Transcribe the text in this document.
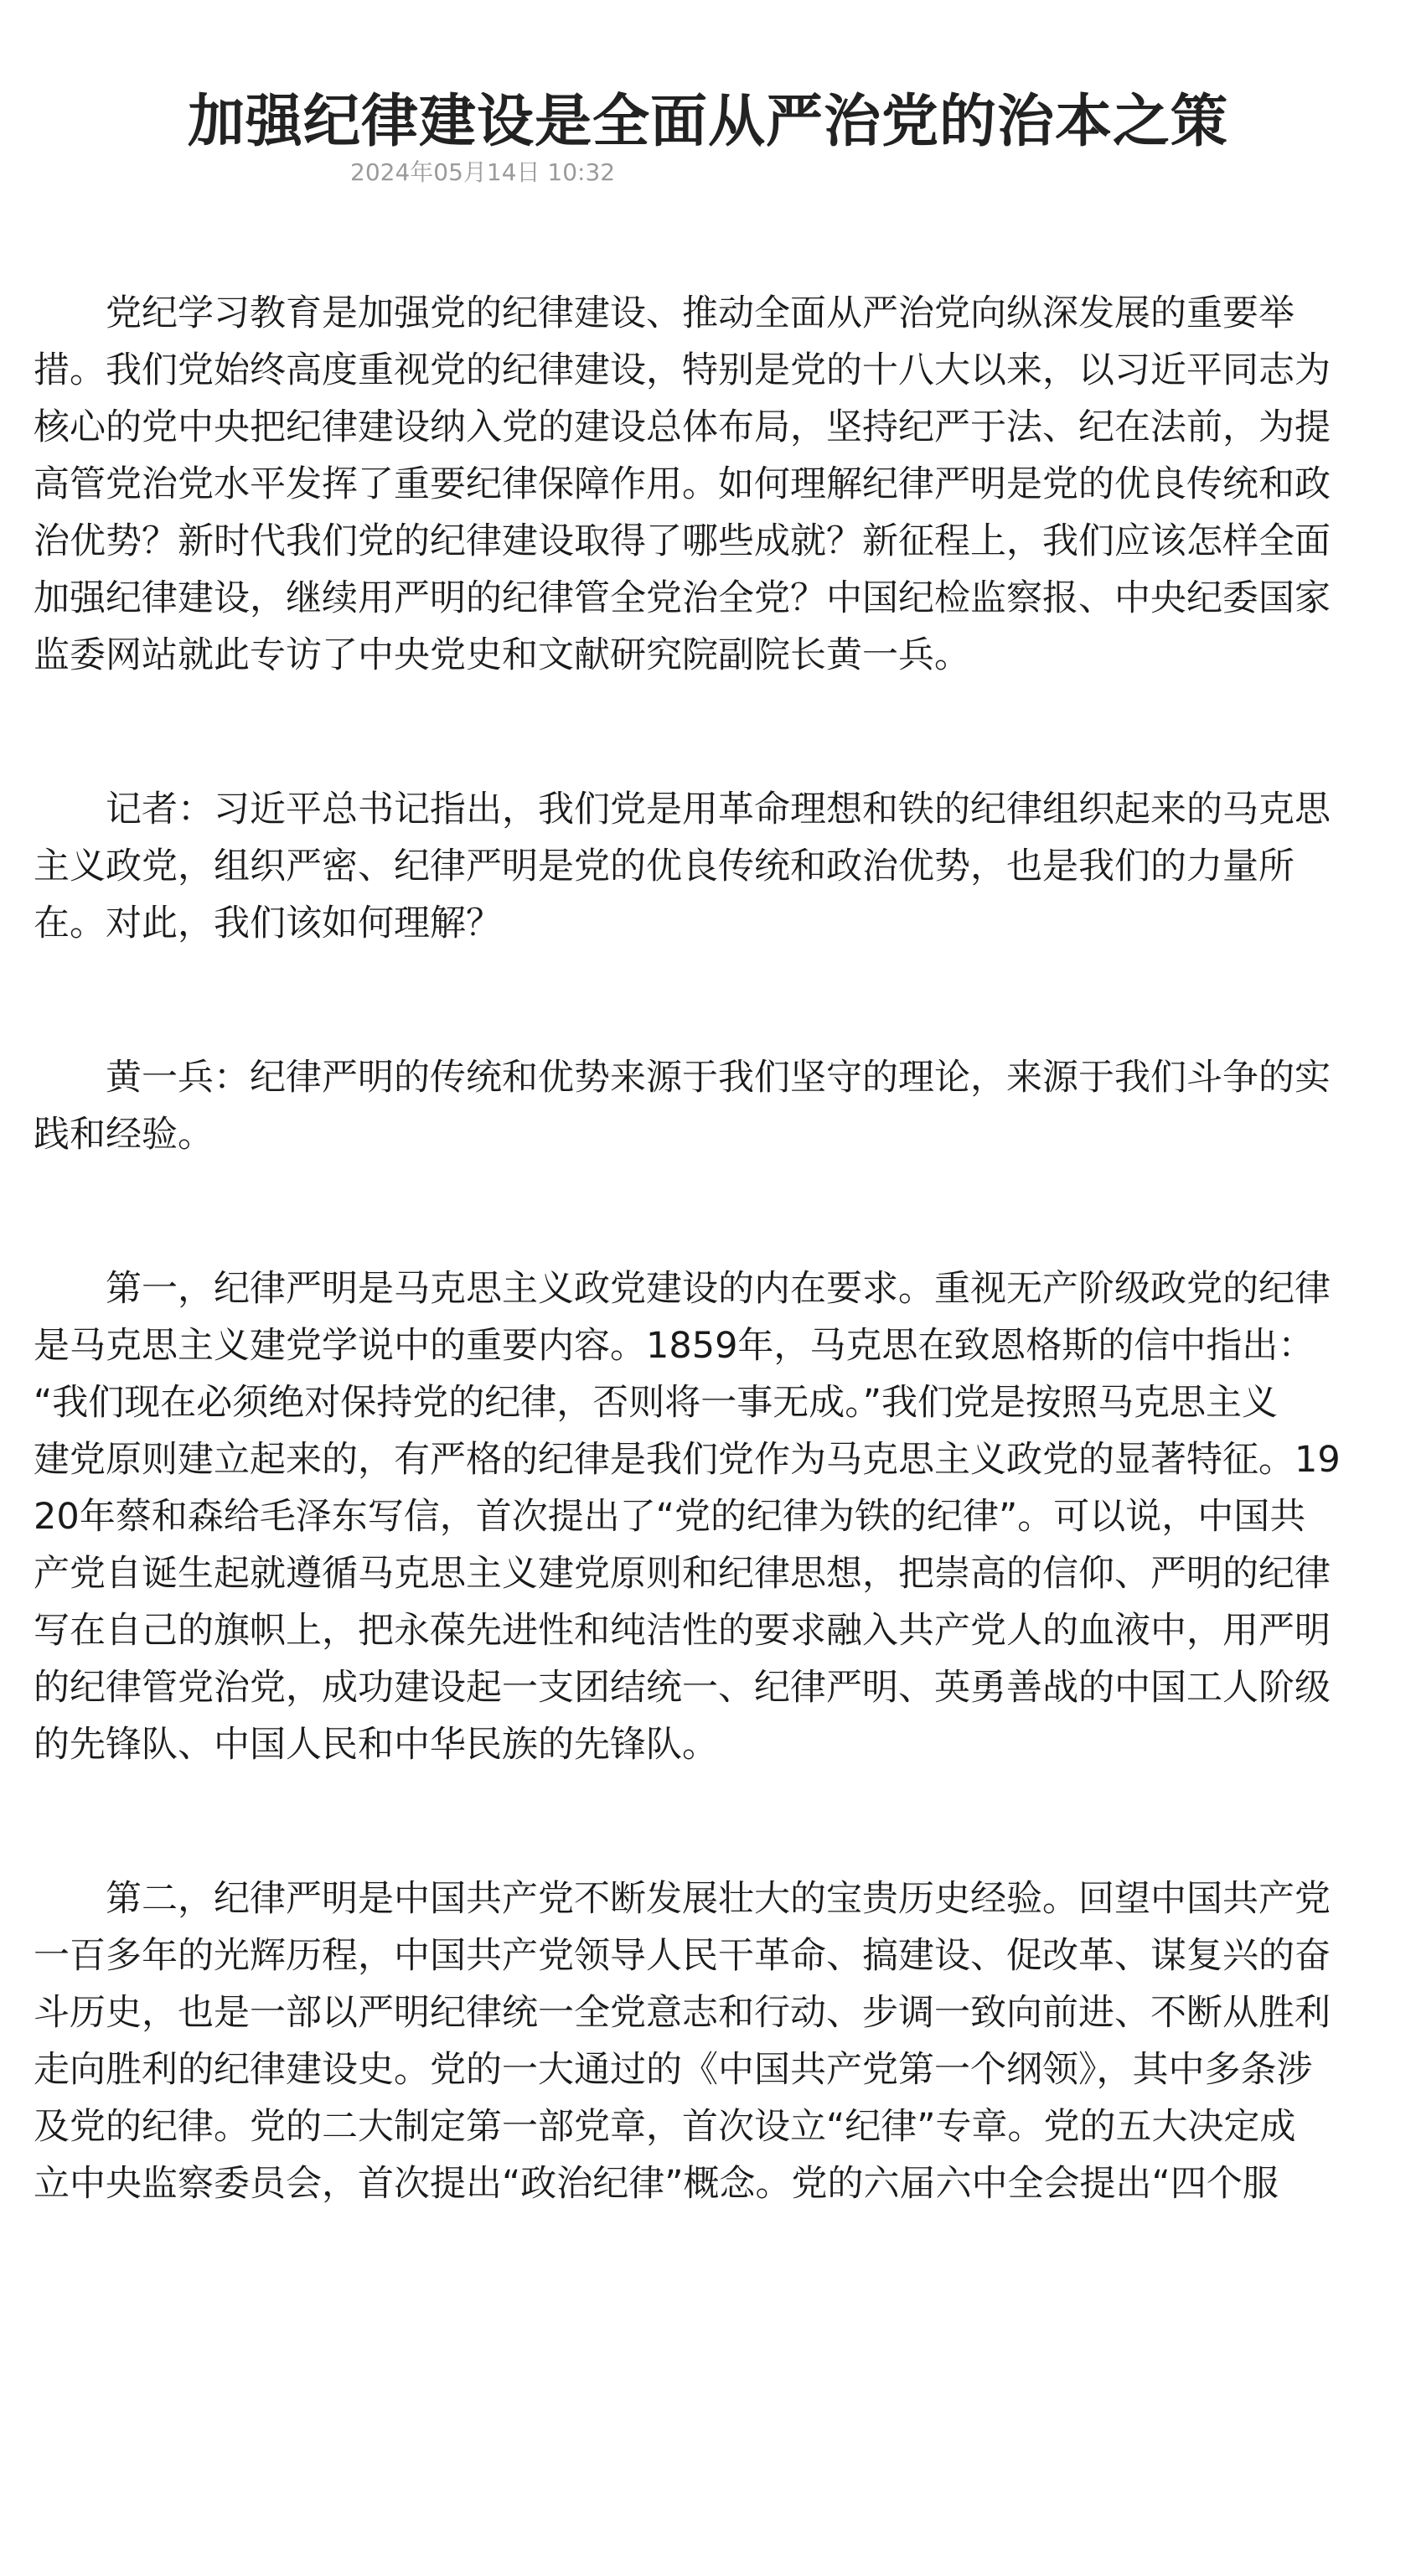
加强纪律建设是全面从严治党的治本之策
2024年05月14日 10:32

党纪学习教育是加强党的纪律建设、推动全面从严治党向纵深发展的重要举
措。我们党始终高度重视党的纪律建设，特别是党的十八大以来，以习近平同志为
核心的党中央把纪律建设纳入党的建设总体布局，坚持纪严于法、纪在法前，为提
高管党治党水平发挥了重要纪律保障作用。如何理解纪律严明是党的优良传统和政
治优势？新时代我们党的纪律建设取得了哪些成就？新征程上，我们应该怎样全面
加强纪律建设，继续用严明的纪律管全党治全党？中国纪检监察报、中央纪委国家
监委网站就此专访了中央党史和文献研究院副院长黄一兵。

记者：习近平总书记指出，我们党是用革命理想和铁的纪律组织起来的马克思
主义政党，组织严密、纪律严明是党的优良传统和政治优势，也是我们的力量所
在。对此，我们该如何理解？

黄一兵：纪律严明的传统和优势来源于我们坚守的理论，来源于我们斗争的实
践和经验。

第一，纪律严明是马克思主义政党建设的内在要求。重视无产阶级政党的纪律
是马克思主义建党学说中的重要内容。1859年，马克思在致恩格斯的信中指出：
“我们现在必须绝对保持党的纪律，否则将一事无成。”我们党是按照马克思主义
建党原则建立起来的，有严格的纪律是我们党作为马克思主义政党的显著特征。19
20年蔡和森给毛泽东写信，首次提出了“党的纪律为铁的纪律”。可以说，中国共
产党自诞生起就遵循马克思主义建党原则和纪律思想，把崇高的信仰、严明的纪律
写在自己的旗帜上，把永葆先进性和纯洁性的要求融入共产党人的血液中，用严明
的纪律管党治党，成功建设起一支团结统一、纪律严明、英勇善战的中国工人阶级
的先锋队、中国人民和中华民族的先锋队。

第二，纪律严明是中国共产党不断发展壮大的宝贵历史经验。回望中国共产党
一百多年的光辉历程，中国共产党领导人民干革命、搞建设、促改革、谋复兴的奋
斗历史，也是一部以严明纪律统一全党意志和行动、步调一致向前进、不断从胜利
走向胜利的纪律建设史。党的一大通过的《中国共产党第一个纲领》，其中多条涉
及党的纪律。党的二大制定第一部党章，首次设立“纪律”专章。党的五大决定成
立中央监察委员会，首次提出“政治纪律”概念。党的六届六中全会提出“四个服
